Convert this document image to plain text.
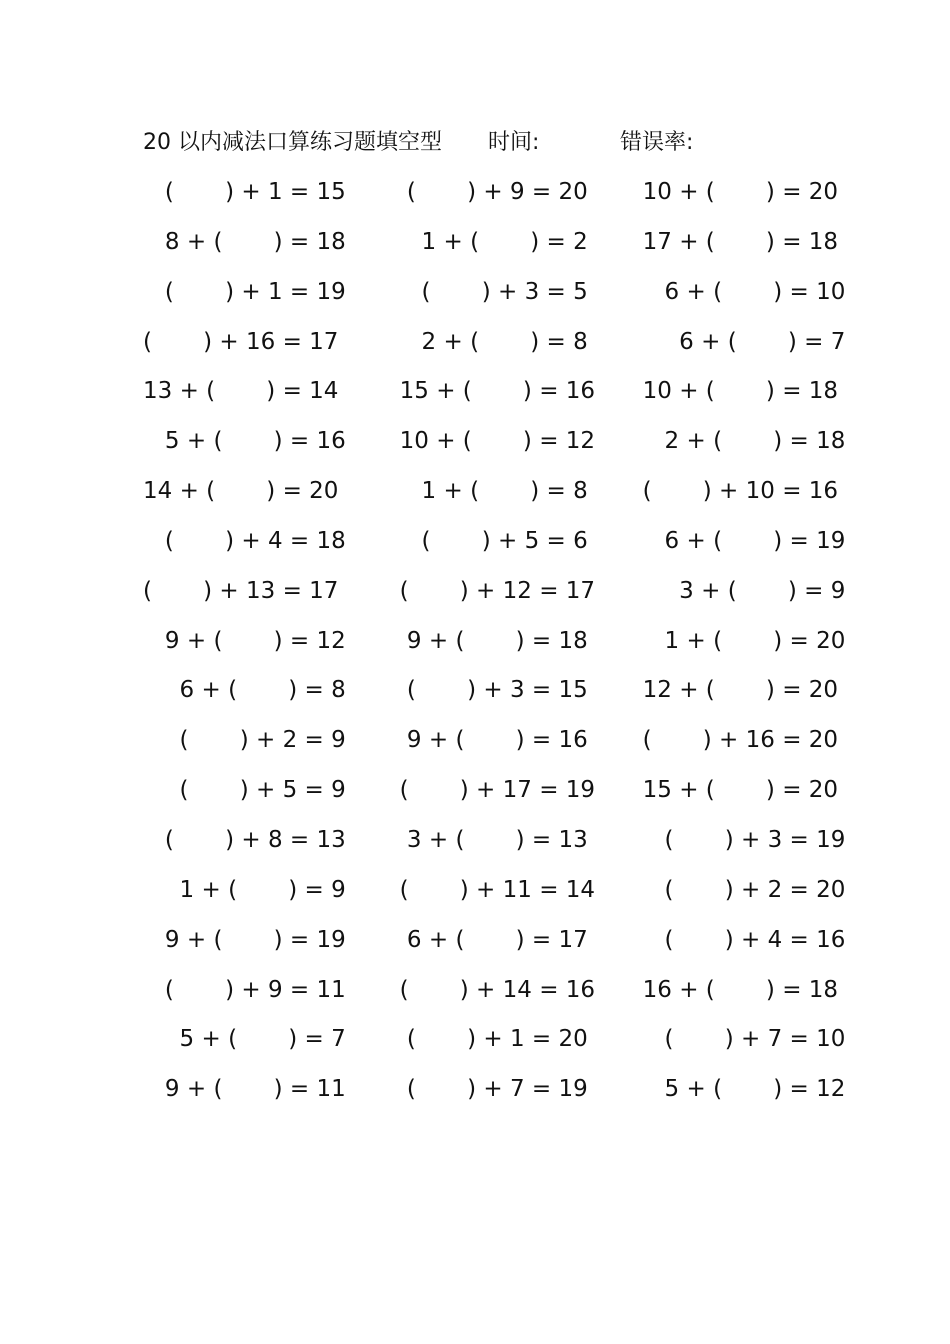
20 以内减法口算练习题填空型 时间:	错误率:
(       ) + 1 = 15 (       ) + 9 = 20 10 + (       ) = 20
8 + (       ) = 18 1 + (       ) = 2 17 + (       ) = 18
(       ) + 1 = 19 (       ) + 3 = 5 6 + (       ) = 10
(       ) + 16 = 17 2 + (       ) = 8 6 + (       ) = 7
13 + (       ) = 14 15 + (       ) = 16 10 + (       ) = 18
5 + (       ) = 16 10 + (       ) = 12 2 + (       ) = 18
14 + (       ) = 20 1 + (       ) = 8 (       ) + 10 = 16
(       ) + 4 = 18 (       ) + 5 = 6 6 + (       ) = 19
(       ) + 13 = 17 (       ) + 12 = 17 3 + (       ) = 9
9 + (       ) = 12 9 + (       ) = 18 1 + (       ) = 20
6 + (       ) = 8 (       ) + 3 = 15 12 + (       ) = 20
(       ) + 2 = 9 9 + (       ) = 16 (       ) + 16 = 20
(       ) + 5 = 9 (       ) + 17 = 19 15 + (       ) = 20
(       ) + 8 = 13 3 + (       ) = 13 (       ) + 3 = 19
1 + (       ) = 9 (       ) + 11 = 14 (       ) + 2 = 20
9 + (       ) = 19 6 + (       ) = 17 (       ) + 4 = 16
(       ) + 9 = 11 (       ) + 14 = 16 16 + (       ) = 18
5 + (       ) = 7 (       ) + 1 = 20 (       ) + 7 = 10
9 + (       ) = 11 (       ) + 7 = 19 5 + (       ) = 12
